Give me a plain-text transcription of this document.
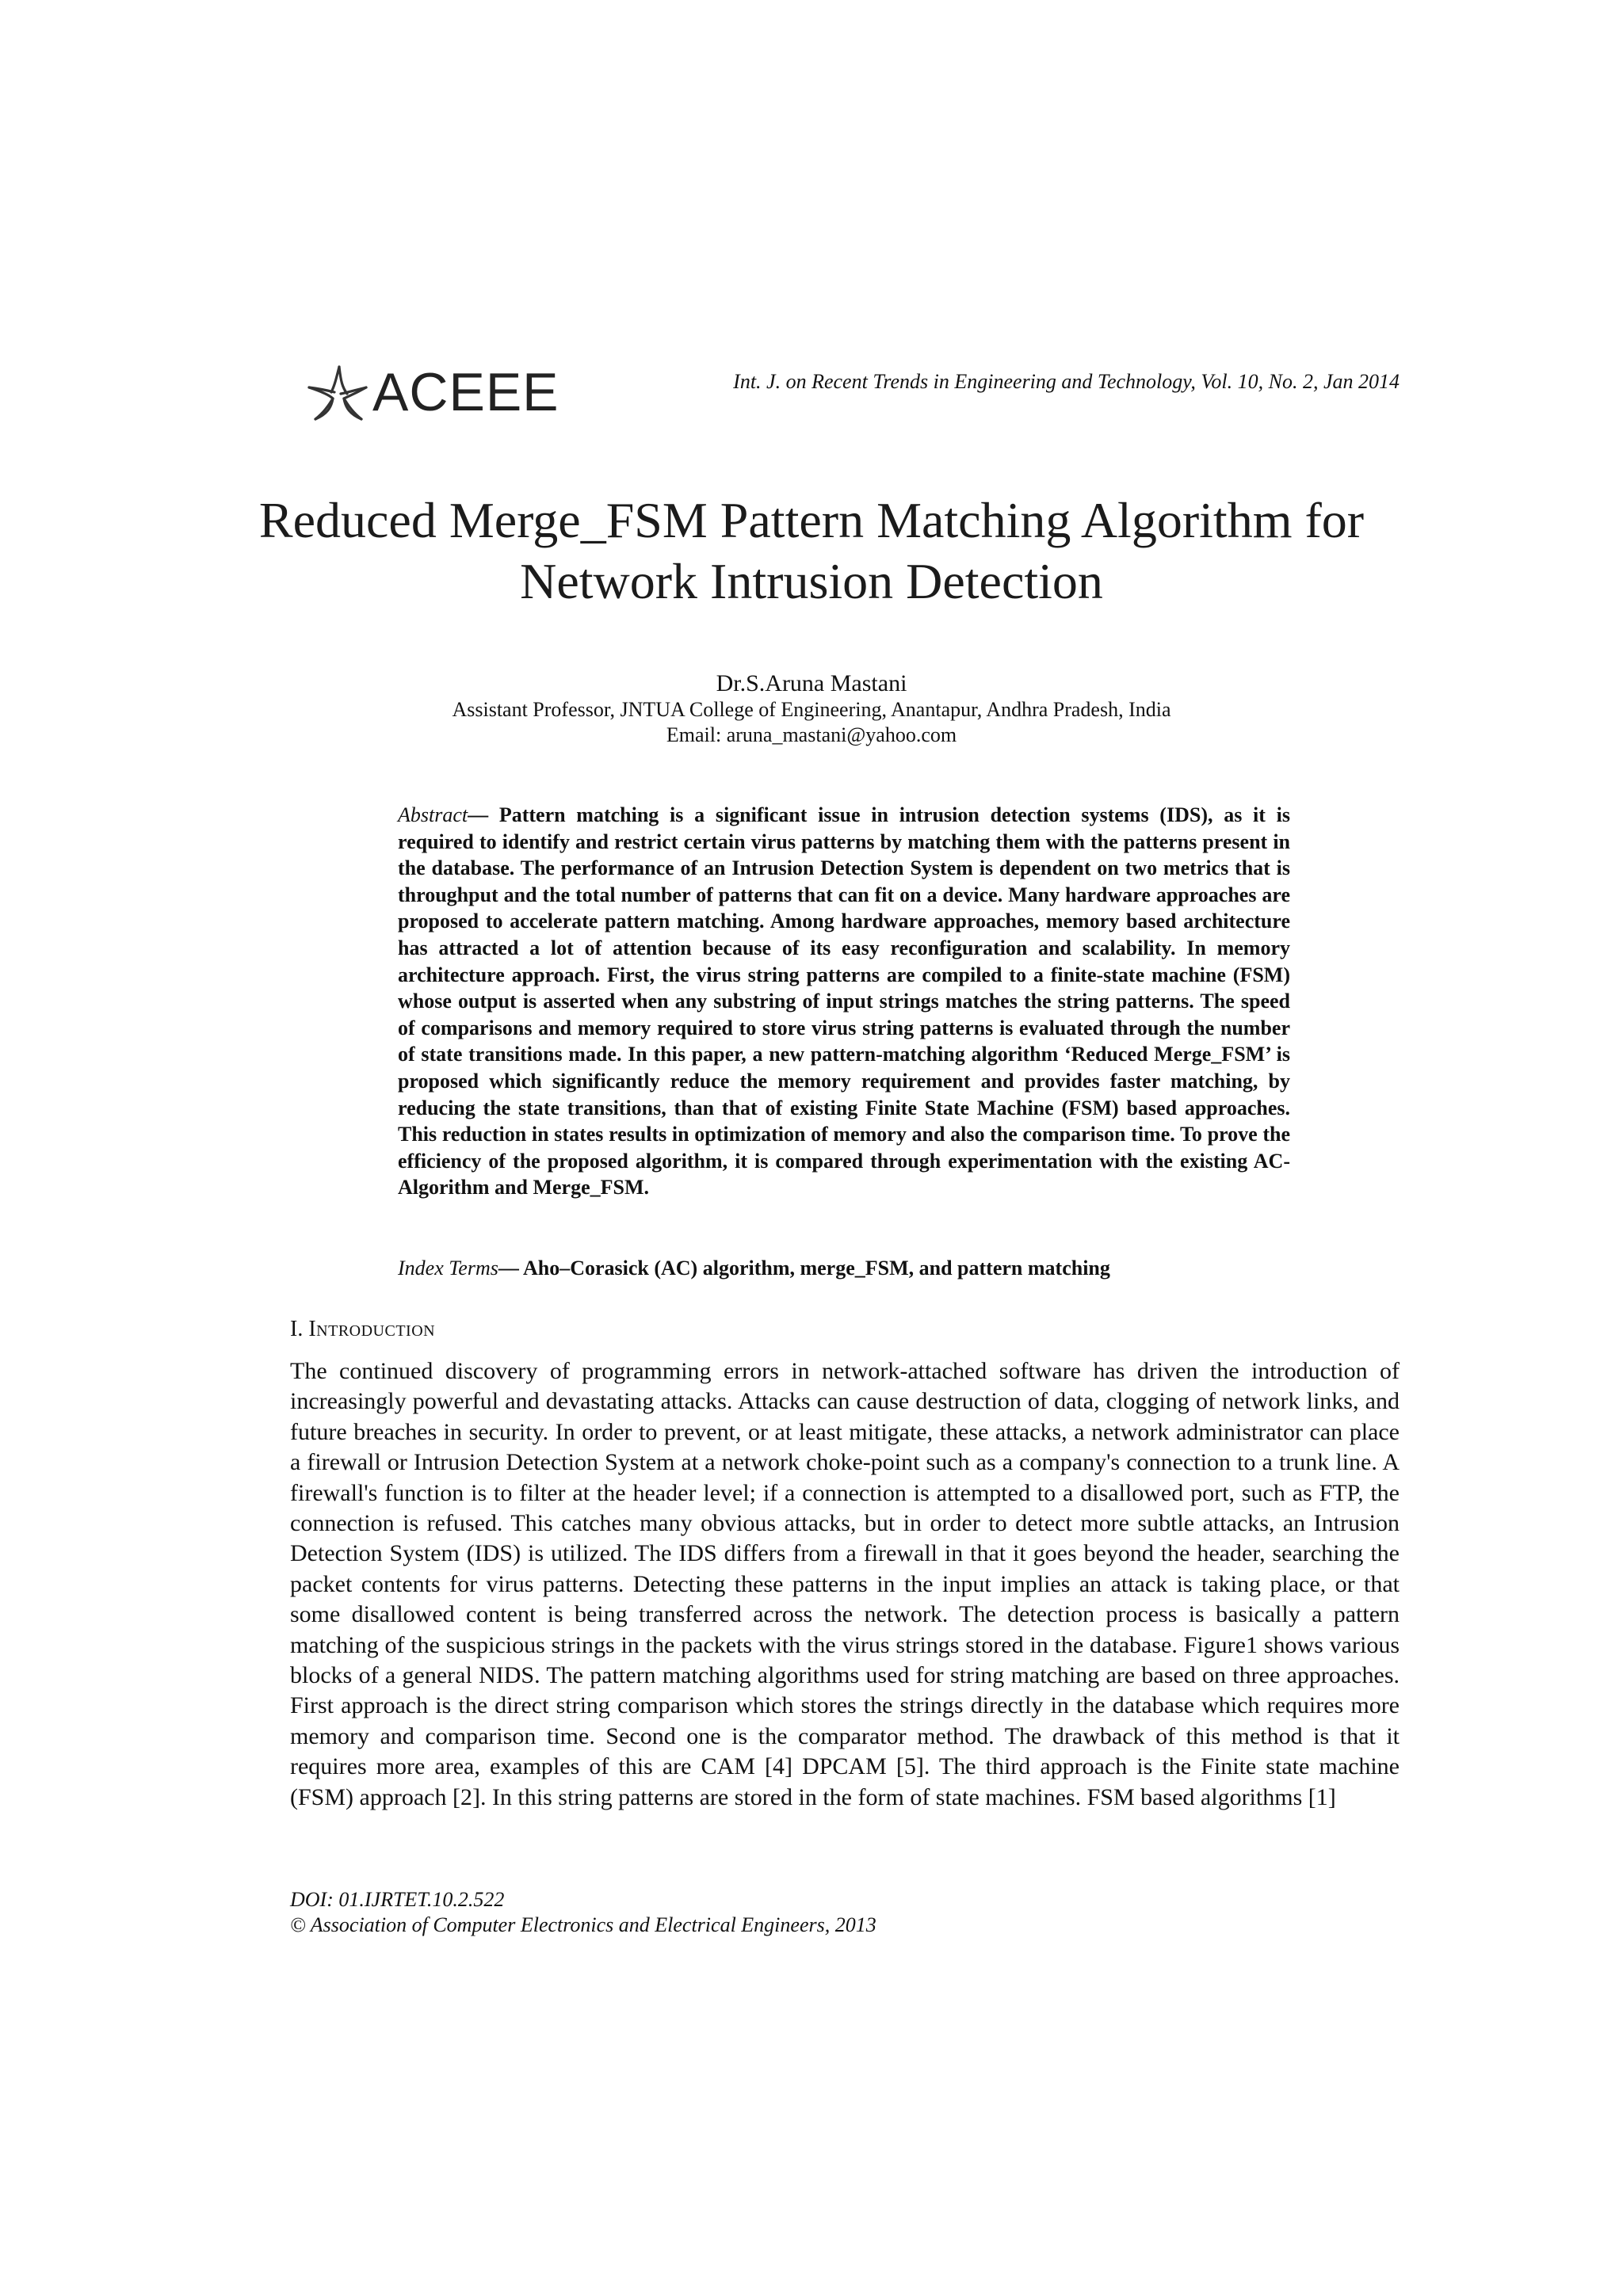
ACEEE	Int. J. on Recent Trends in Engineering and Technology, Vol. 10, No. 2, Jan 2014
Reduced Merge_FSM Pattern Matching Algorithm for
Network Intrusion Detection
Dr.S.Aruna Mastani
Assistant Professor, JNTUA College of Engineering, Anantapur, Andhra Pradesh, India
Email: aruna_mastani@yahoo.com
Abstract— Pattern matching is a significant issue in intrusion detection systems (IDS), as it is required to identify and restrict certain virus patterns by matching them with the patterns present in the database. The performance of an Intrusion Detection System is dependent on two metrics that is throughput and the total number of patterns that can fit on a device. Many hardware approaches are proposed to accelerate pattern matching. Among hardware approaches, memory based architecture has attracted a lot of attention because of its easy reconfiguration and scalability. In memory architecture approach. First, the virus string patterns are compiled to a finite-state machine (FSM) whose output is asserted when any substring of input strings matches the string patterns. The speed of comparisons and memory required to store virus string patterns is evaluated through the number of state transitions made. In this paper, a new pattern-matching algorithm ‘Reduced Merge_FSM’ is proposed which significantly reduce the memory requirement and provides faster matching, by reducing the state transitions, than that of existing Finite State Machine (FSM) based approaches. This reduction in states results in optimization of memory and also the comparison time. To prove the efficiency of the proposed algorithm, it is compared through experimentation with the existing AC-Algorithm and Merge_FSM.
Index Terms— Aho–Corasick (AC) algorithm, merge_FSM, and pattern matching
I. Introduction
The continued discovery of programming errors in network-attached software has driven the introduction of increasingly powerful and devastating attacks. Attacks can cause destruction of data, clogging of network links, and future breaches in security. In order to prevent, or at least mitigate, these attacks, a network administrator can place a firewall or Intrusion Detection System at a network choke-point such as a company's connection to a trunk line. A firewall's function is to filter at the header level; if a connection is attempted to a disallowed port, such as FTP, the connection is refused. This catches many obvious attacks, but in order to detect more subtle attacks, an Intrusion Detection System (IDS) is utilized. The IDS differs from a firewall in that it goes beyond the header, searching the packet contents for virus patterns. Detecting these patterns in the input implies an attack is taking place, or that some disallowed content is being transferred across the network. The detection process is basically a pattern matching of the suspicious strings in the packets with the virus strings stored in the database. Figure1 shows various blocks of a general NIDS. The pattern matching algorithms used for string matching are based on three approaches. First approach is the direct string comparison which stores the strings directly in the database which requires more memory and comparison time. Second one is the comparator method. The drawback of this method is that it requires more area, examples of this are CAM [4] DPCAM [5]. The third approach is the Finite state machine (FSM) approach [2]. In this string patterns are stored in the form of state machines. FSM based algorithms [1]
DOI: 01.IJRTET.10.2.522
© Association of Computer Electronics and Electrical Engineers, 2013
